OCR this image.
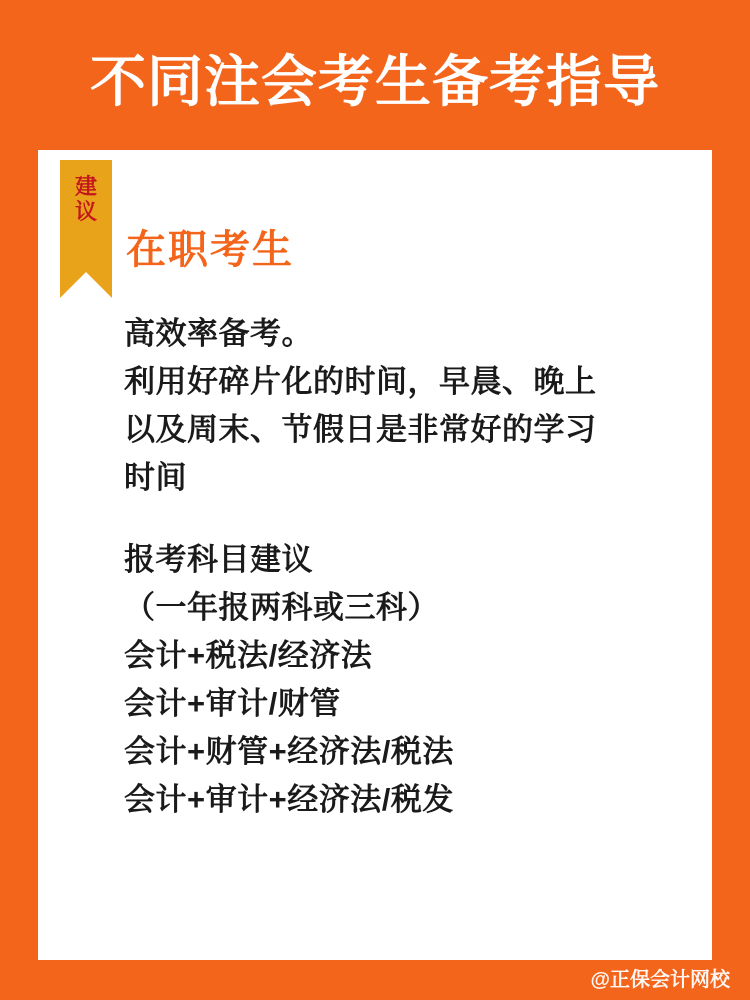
不同注会考生备考指导
建
议
在职考生

高效率备考。

利用好碎片化的时间，早晨、晚上

以及周末、节假日是非常好的学习

时间

报考科目建议

（一年报两科或三科）

会计+税法/经济法

会计+审计/财管

会计+财管+经济法/税法

会计+审计+经济法/税发

@正保会计网校
